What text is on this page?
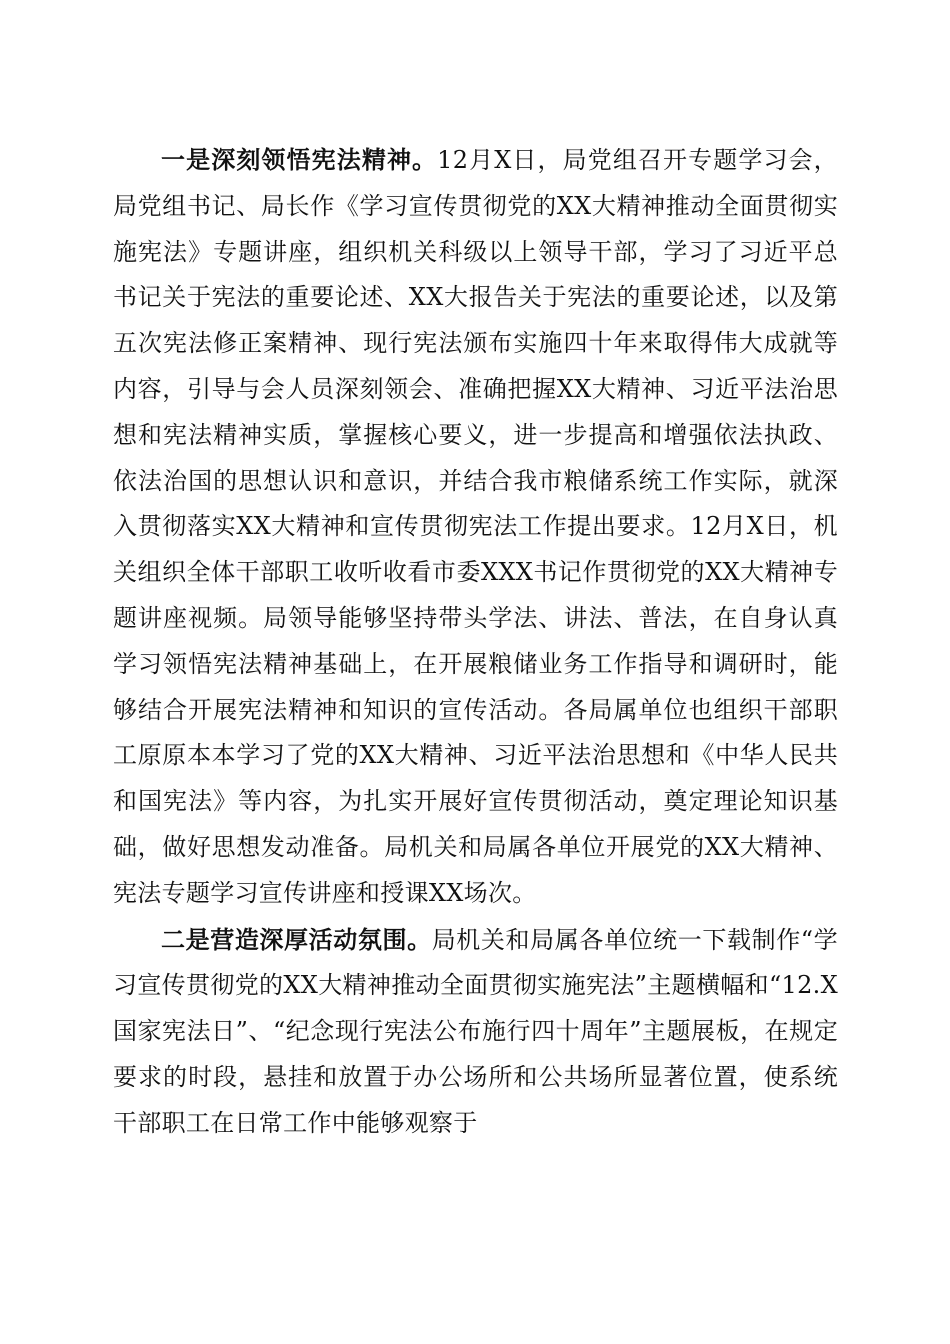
一是深刻领悟宪法精神。12月X日，局党组召开专题学习会，局党组书记、局长作《学习宣传贯彻党的XX大精神推动全面贯彻实施宪法》专题讲座，组织机关科级以上领导干部，学习了习近平总书记关于宪法的重要论述、XX大报告关于宪法的重要论述，以及第五次宪法修正案精神、现行宪法颁布实施四十年来取得伟大成就等内容，引导与会人员深刻领会、准确把握XX大精神、习近平法治思想和宪法精神实质，掌握核心要义，进一步提高和增强依法执政、依法治国的思想认识和意识，并结合我市粮储系统工作实际，就深入贯彻落实XX大精神和宣传贯彻宪法工作提出要求。12月X日，机关组织全体干部职工收听收看市委XXX书记作贯彻党的XX大精神专题讲座视频。局领导能够坚持带头学法、讲法、普法，在自身认真学习领悟宪法精神基础上，在开展粮储业务工作指导和调研时，能够结合开展宪法精神和知识的宣传活动。各局属单位也组织干部职工原原本本学习了党的XX大精神、习近平法治思想和《中华人民共和国宪法》等内容，为扎实开展好宣传贯彻活动，奠定理论知识基础，做好思想发动准备。局机关和局属各单位开展党的XX大精神、宪法专题学习宣传讲座和授课XX场次。

二是营造深厚活动氛围。局机关和局属各单位统一下载制作“学习宣传贯彻党的XX大精神推动全面贯彻实施宪法”主题横幅和“12.X国家宪法日”、“纪念现行宪法公布施行四十周年”主题展板，在规定要求的时段，悬挂和放置于办公场所和公共场所显著位置，使系统干部职工在日常工作中能够观察于
